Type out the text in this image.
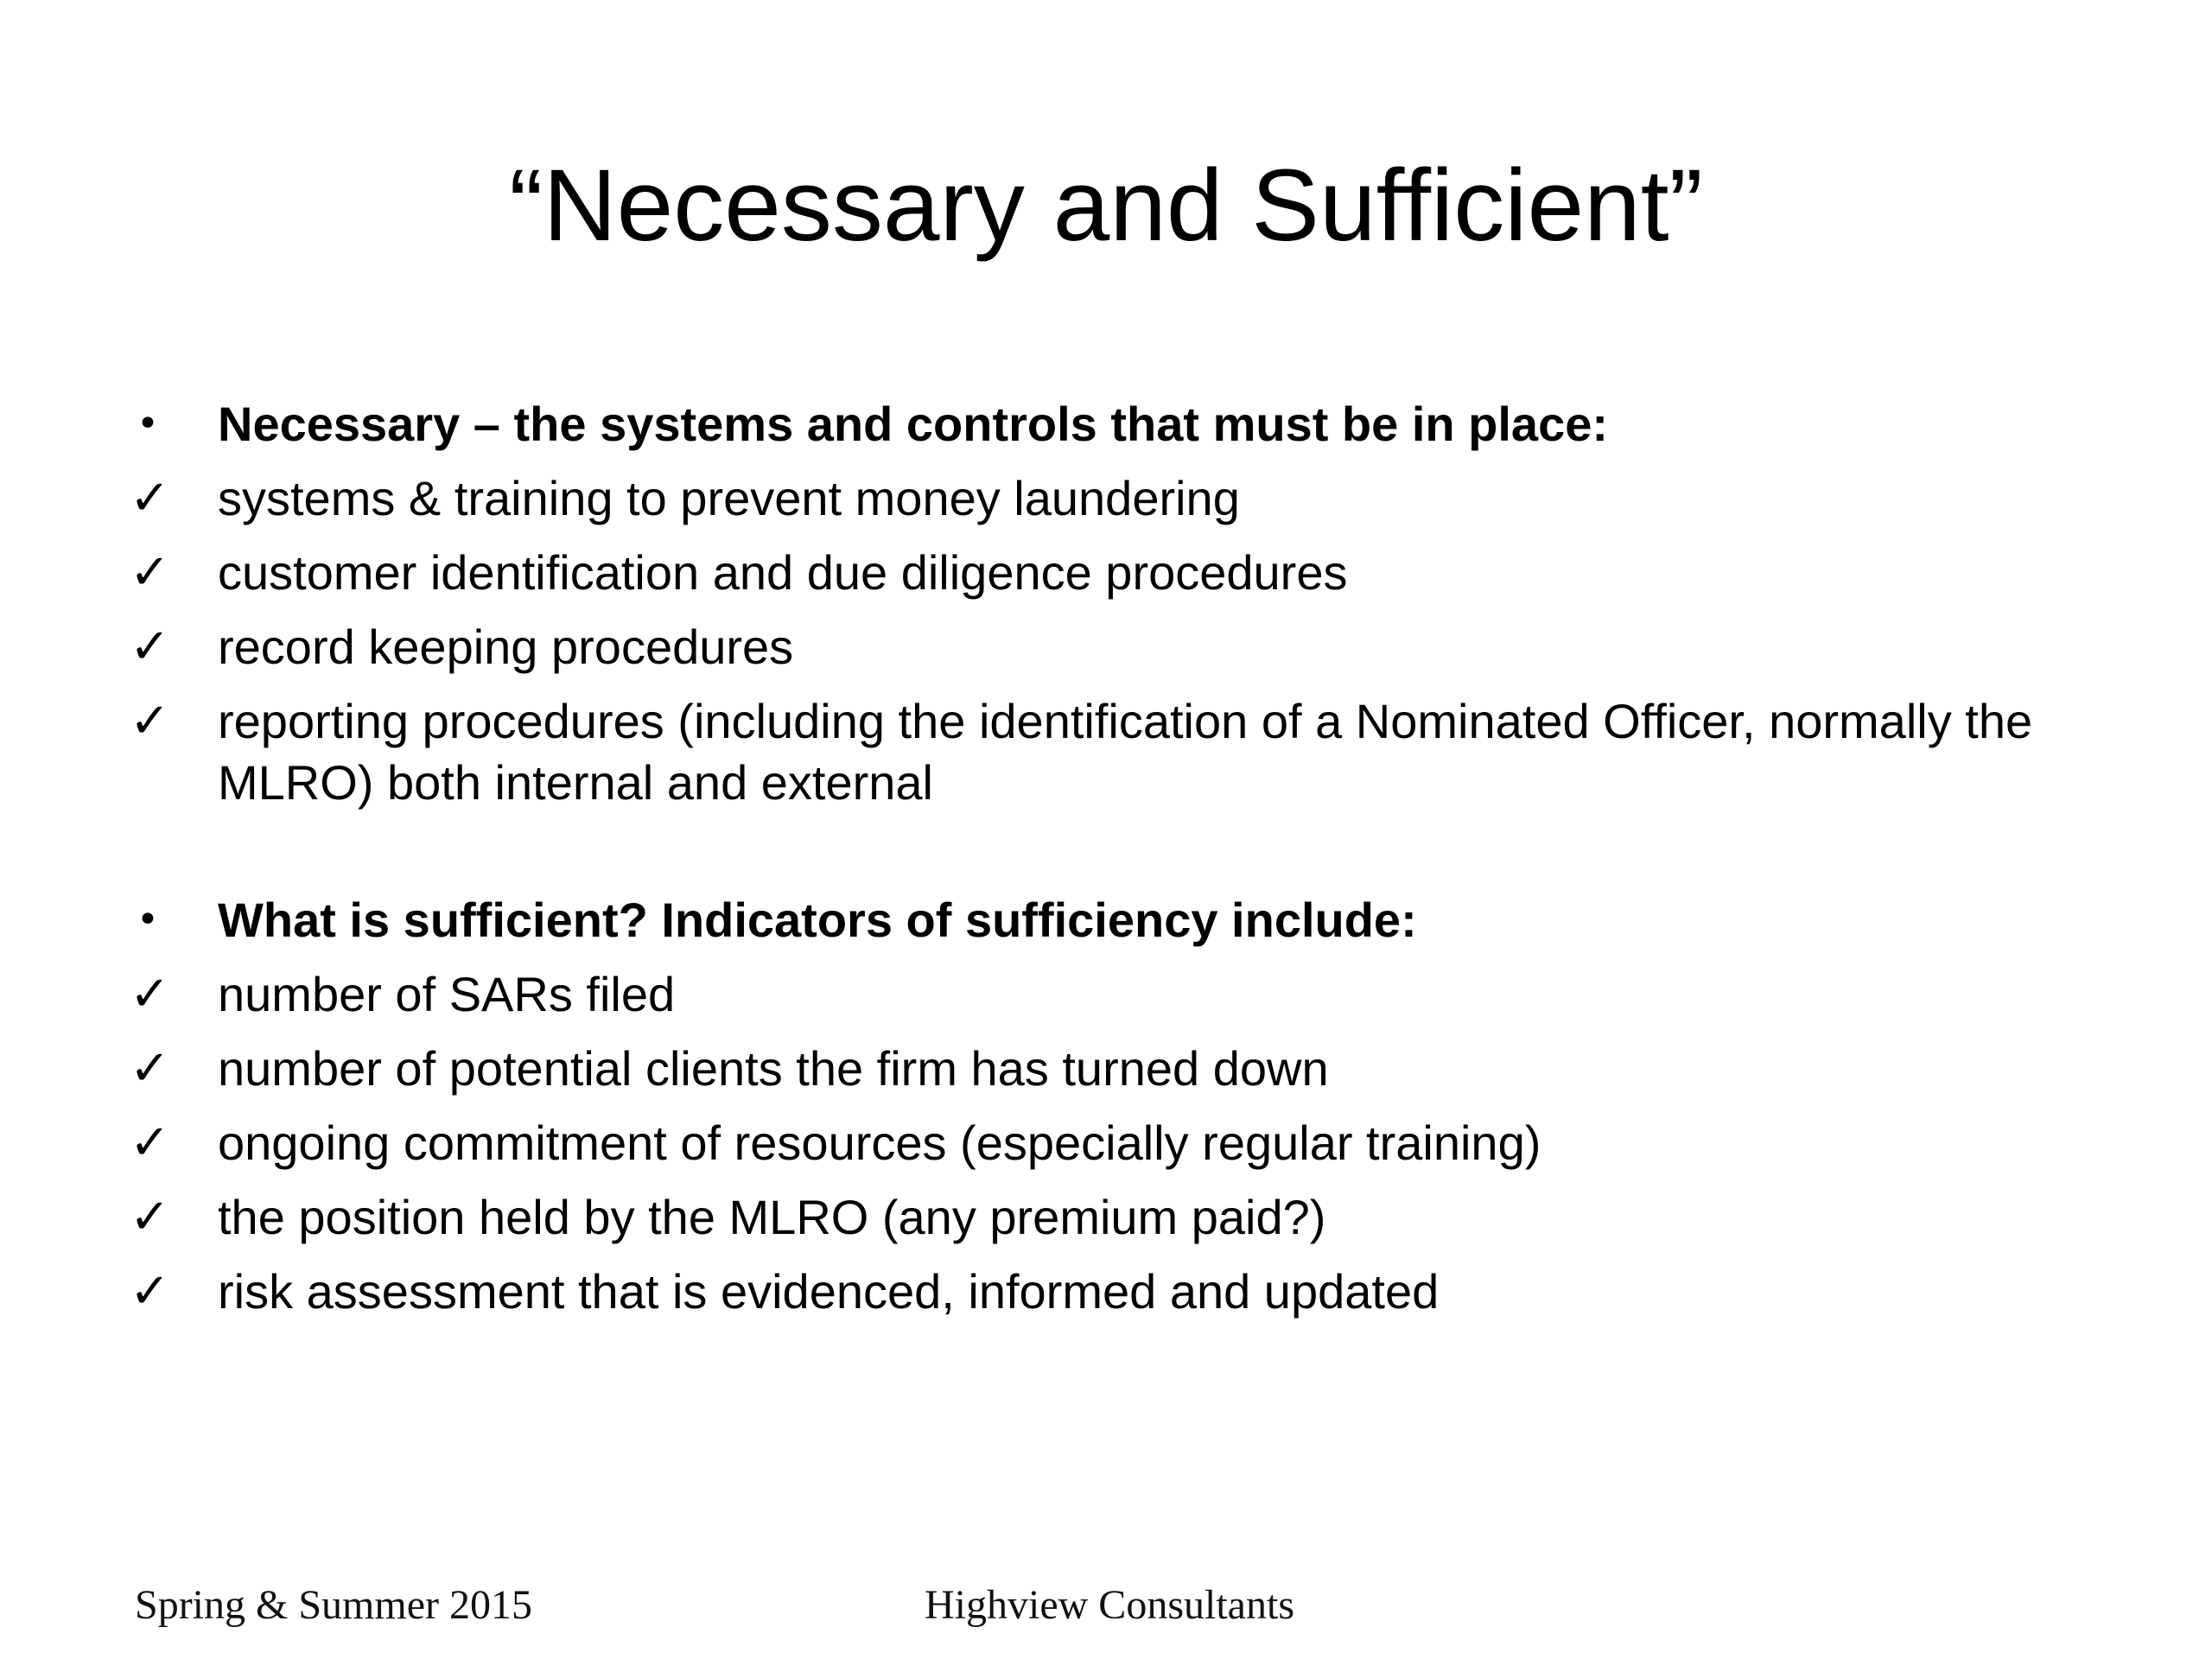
“Necessary and Sufficient”
•	Necessary – the systems and controls that must be in place:
✓ systems & training to prevent money laundering
✓ customer identification and due diligence procedures
✓ record keeping procedures
✓ reporting procedures (including the identification of a Nominated Officer, normally the MLRO) both internal and external
•	What is sufficient? Indicators of sufficiency include:
✓ number of SARs filed
✓ number of potential clients the firm has turned down
✓ ongoing commitment of resources (especially regular training)
✓ the position held by the MLRO (any premium paid?)
✓ risk assessment that is evidenced, informed and updated
Spring & Summer 2015	Highview Consultants
